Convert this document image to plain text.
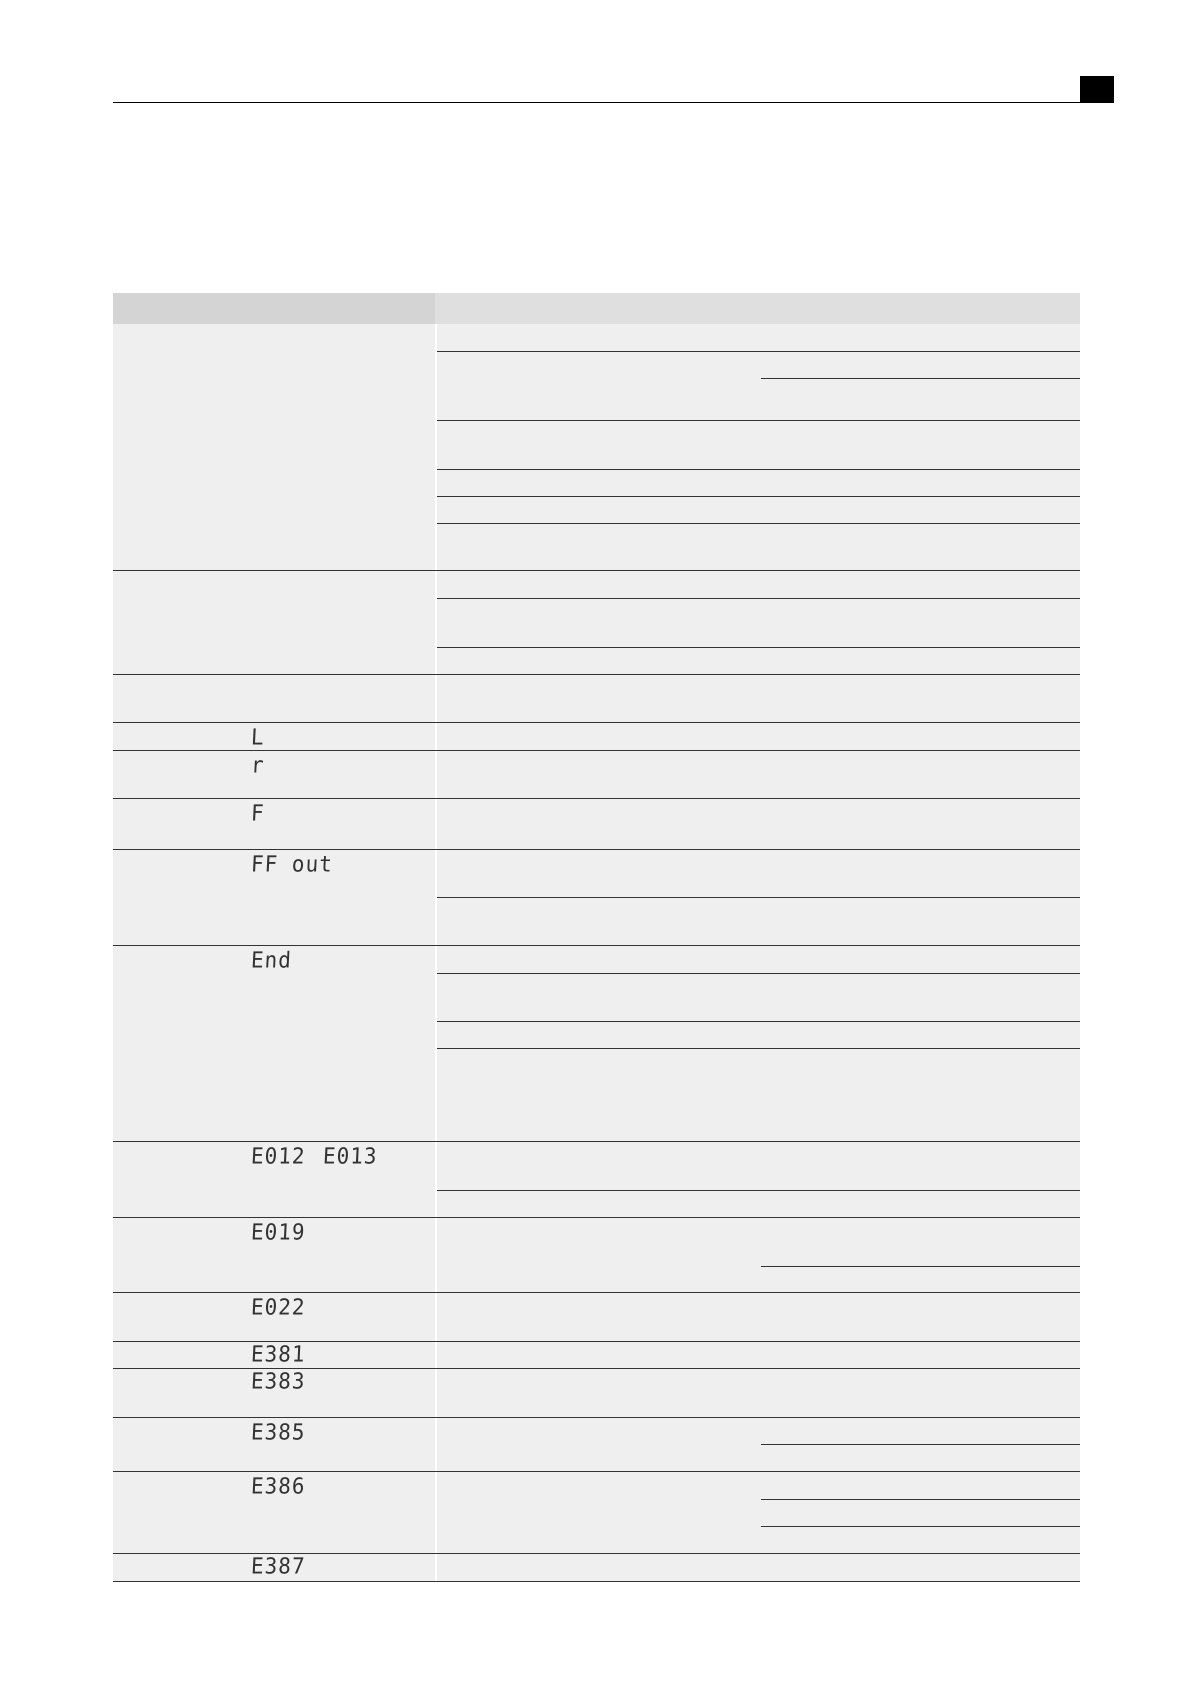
L
r
F
FF out
End
E012 E013
E019
E022
E381
E383
E385
E386
E387
